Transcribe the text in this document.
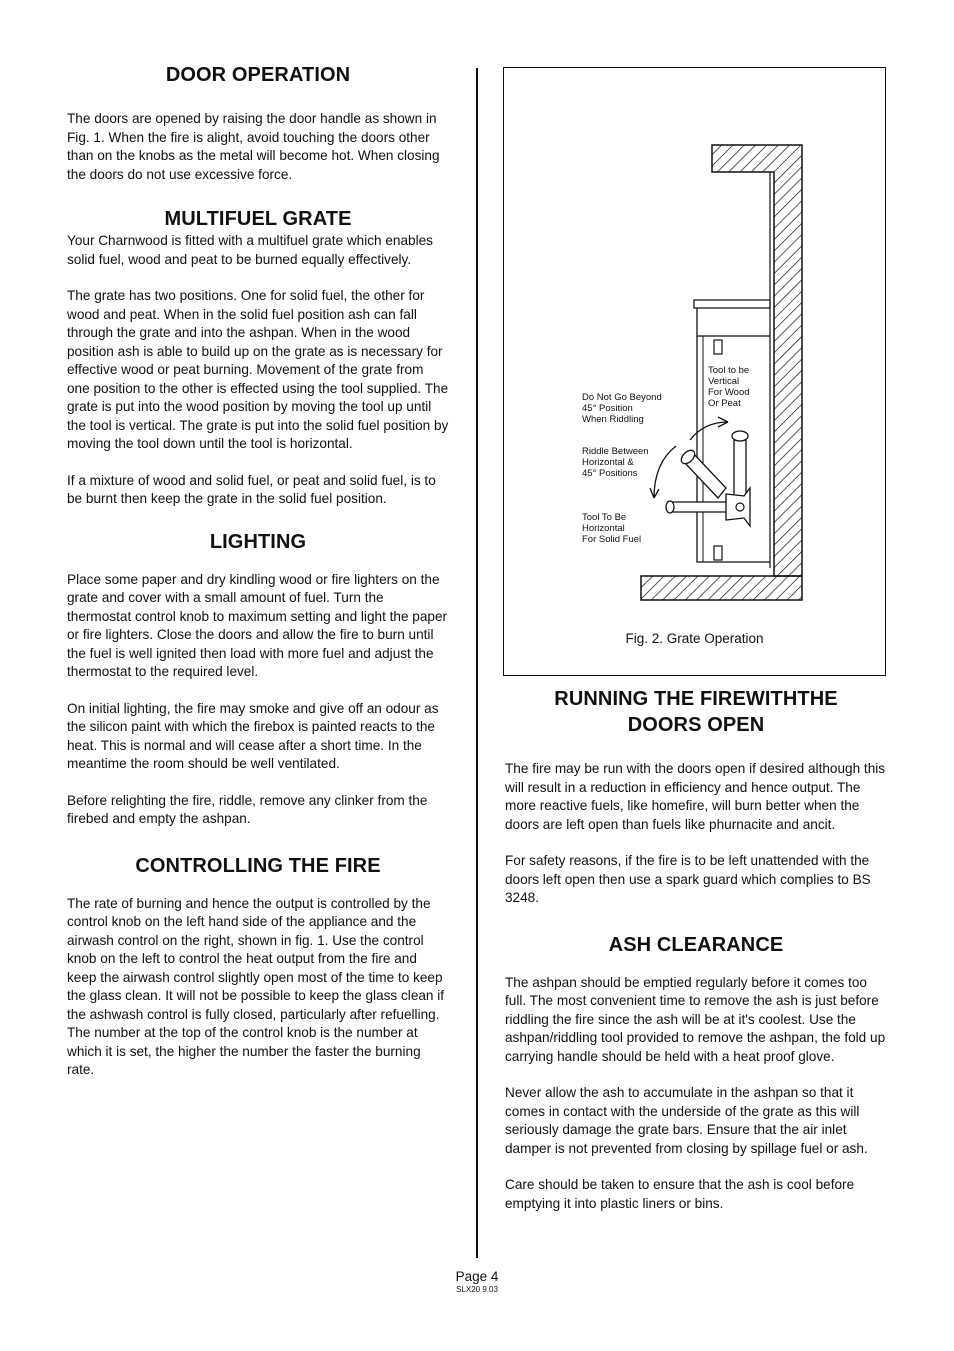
DOOR OPERATION

The doors are opened by raising the door handle as shown in Fig. 1. When the fire is alight, avoid touching the doors other than on the knobs as the metal will become hot. When closing the doors do not use excessive force.

MULTIFUEL GRATE

Your Charnwood is fitted with a multifuel grate which enables solid fuel, wood and peat to be burned equally effectively.

The grate has two positions. One for solid fuel, the other for wood and peat. When in the solid fuel position ash can fall through the grate and into the ashpan. When in the wood position ash is able to build up on the grate as is necessary for effective wood or peat burning. Movement of the grate from one position to the other is effected using the tool supplied. The grate is put into the wood position by moving the tool up until the tool is vertical. The grate is put into the solid fuel position by moving the tool down until the tool is horizontal.

If a mixture of wood and solid fuel, or peat and solid fuel, is to be burnt then keep the grate in the solid fuel position.

LIGHTING

Place some paper and dry kindling wood or fire lighters on the grate and cover with a small amount of fuel. Turn the thermostat control knob to maximum setting and light the paper or fire lighters. Close the doors and allow the fire to burn until the fuel is well ignited then load with more fuel and adjust the thermostat to the required level.

On initial lighting, the fire may smoke and give off an odour as the silicon paint with which the firebox is painted reacts to the heat. This is normal and will cease after a short time. In the meantime the room should be well ventilated.

Before relighting the fire, riddle, remove any clinker from the firebed and empty the ashpan.

CONTROLLING THE FIRE

The rate of burning and hence the output is controlled by the control knob on the left hand side of the appliance and the airwash control on the right, shown in fig. 1. Use the control knob on the left to control the heat output from the fire and keep the airwash control slightly open most of the time to keep the glass clean. It will not be possible to keep the glass clean if the ashwash control is fully closed, particularly after refuelling. The number at the top of the control knob is the number at which it is set, the higher the number the faster the burning rate.

Tool to be Vertical For Wood Or Peat
Do Not Go Beyond 45° Position When Riddling
Riddle Between Horizontal & 45° Positions
Tool To Be Horizontal For Solid Fuel
Fig. 2. Grate Operation
RUNNING THE FIREWITHTHE
DOORS OPEN

The fire may be run with the doors open if desired although this will result in a reduction in efficiency and hence output. The more reactive fuels, like homefire, will burn better when the doors are left open than fuels like phurnacite and ancit.

For safety reasons, if the fire is to be left unattended with the doors left open then use a spark guard which complies to BS 3248.

ASH CLEARANCE

The ashpan should be emptied regularly before it comes too full. The most convenient time to remove the ash is just before riddling the fire since the ash will be at it's coolest. Use the ashpan/riddling tool provided to remove the ashpan, the fold up carrying handle should be held with a heat proof glove.

Never allow the ash to accumulate in the ashpan so that it comes in contact with the underside of the grate as this will seriously damage the grate bars. Ensure that the air inlet damper is not prevented from closing by spillage fuel or ash.

Care should be taken to ensure that the ash is cool before emptying it into plastic liners or bins.

Page 4
SLX20 9.03
